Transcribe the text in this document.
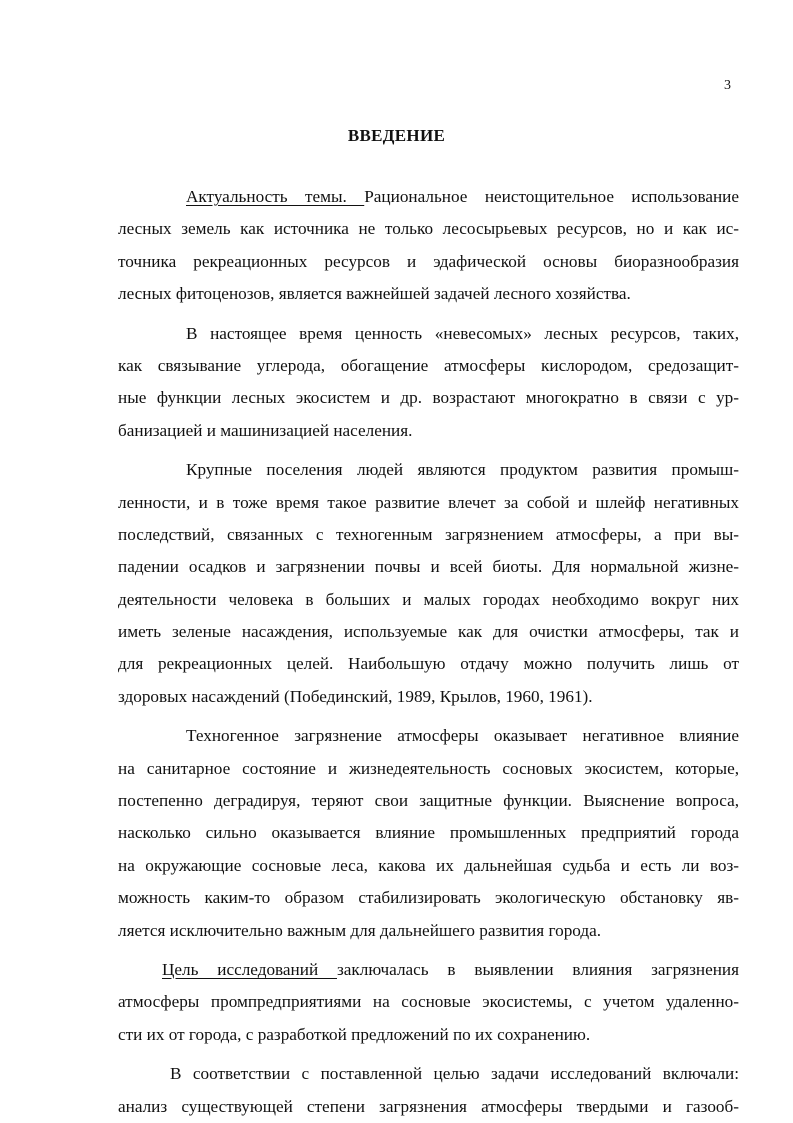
3
ВВЕДЕНИЕ
Актуальность темы. Рациональное неистощительное использование
лесных земель как источника не только лесосырьевых ресурсов, но и как ис-
точника рекреационных ресурсов и эдафической основы биоразнообразия
лесных фитоценозов, является важнейшей задачей лесного хозяйства.
В настоящее время ценность «невесомых» лесных ресурсов, таких,
как связывание углерода, обогащение атмосферы кислородом, средозащит-
ные функции лесных экосистем и др. возрастают многократно в связи с ур-
банизацией и машинизацией населения.
Крупные поселения людей являются продуктом развития промыш-
ленности, и в тоже время такое развитие влечет за собой и шлейф негативных
последствий, связанных с техногенным загрязнением атмосферы, а при вы-
падении осадков и загрязнении почвы и всей биоты. Для нормальной жизне-
деятельности человека в больших и малых городах необходимо вокруг них
иметь зеленые насаждения, используемые как для очистки атмосферы, так и
для рекреационных целей. Наибольшую отдачу можно получить лишь от
здоровых насаждений (Побединский, 1989, Крылов, 1960, 1961).
Техногенное загрязнение атмосферы оказывает негативное влияние
на санитарное состояние и жизнедеятельность сосновых экосистем, которые,
постепенно деградируя, теряют свои защитные функции. Выяснение вопроса,
насколько сильно оказывается влияние промышленных предприятий города
на окружающие сосновые леса, какова их дальнейшая судьба и есть ли воз-
можность каким-то образом стабилизировать экологическую обстановку яв-
ляется исключительно важным для дальнейшего развития города.
Цель исследований заключалась в выявлении влияния загрязнения
атмосферы промпредприятиями на сосновые экосистемы, с учетом удаленно-
сти их от города, с разработкой предложений по их сохранению.
В соответствии с поставленной целью задачи исследований включали:
анализ существующей степени загрязнения атмосферы твердыми и газооб-
